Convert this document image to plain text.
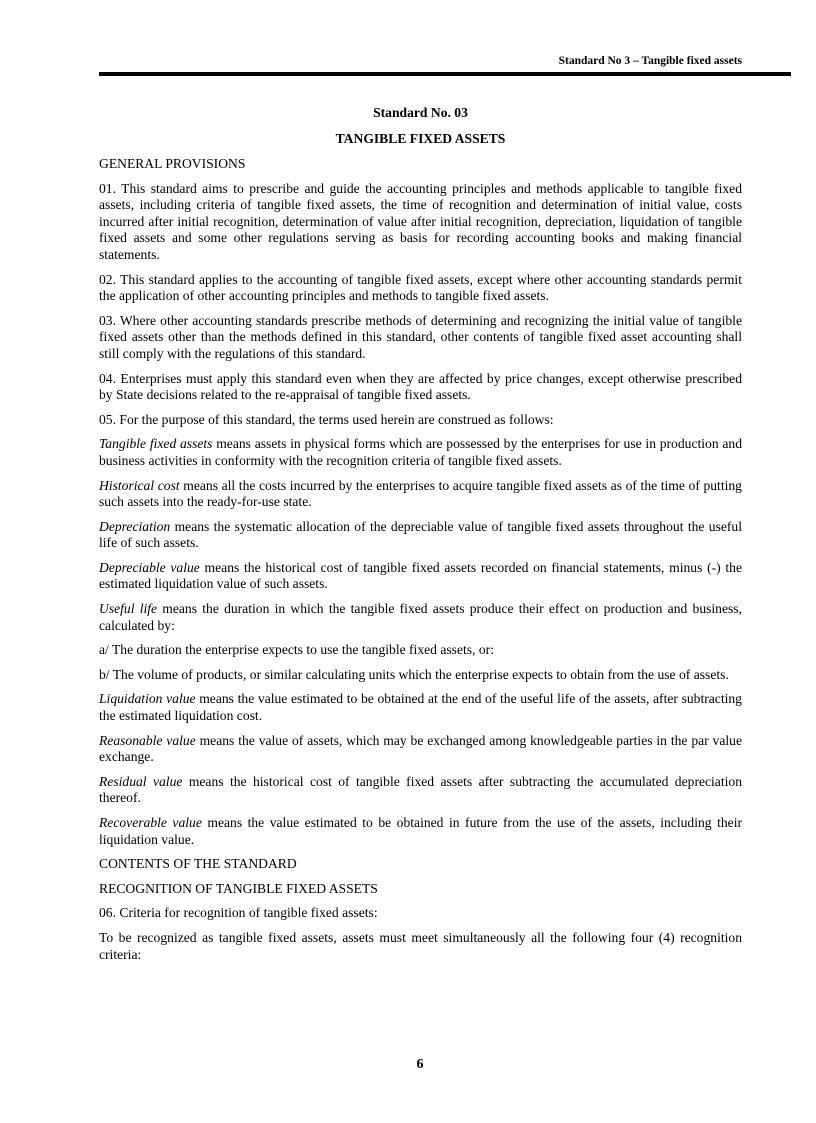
Standard No 3 – Tangible fixed assets
Standard No. 03
TANGIBLE FIXED ASSETS
GENERAL PROVISIONS
01. This standard aims to prescribe and guide the accounting principles and methods applicable to tangible fixed assets, including criteria of tangible fixed assets, the time of recognition and determination of initial value, costs incurred after initial recognition, determination of value after initial recognition, depreciation, liquidation of tangible fixed assets and some other regulations serving as basis for recording accounting books and making financial statements.
02. This standard applies to the accounting of tangible fixed assets, except where other accounting standards permit the application of other accounting principles and methods to tangible fixed assets.
03. Where other accounting standards prescribe methods of determining and recognizing the initial value of tangible fixed assets other than the methods defined in this standard, other contents of tangible fixed asset accounting shall still comply with the regulations of this standard.
04. Enterprises must apply this standard even when they are affected by price changes, except otherwise prescribed by State decisions related to the re-appraisal of tangible fixed assets.
05. For the purpose of this standard, the terms used herein are construed as follows:
Tangible fixed assets means assets in physical forms which are possessed by the enterprises for use in production and business activities in conformity with the recognition criteria of tangible fixed assets.
Historical cost means all the costs incurred by the enterprises to acquire tangible fixed assets as of the time of putting such assets into the ready-for-use state.
Depreciation means the systematic allocation of the depreciable value of tangible fixed assets throughout the useful life of such assets.
Depreciable value means the historical cost of tangible fixed assets recorded on financial statements, minus (-) the estimated liquidation value of such assets.
Useful life means the duration in which the tangible fixed assets produce their effect on production and business, calculated by:
a/ The duration the enterprise expects to use the tangible fixed assets, or:
b/ The volume of products, or similar calculating units which the enterprise expects to obtain from the use of assets.
Liquidation value means the value estimated to be obtained at the end of the useful life of the assets, after subtracting the estimated liquidation cost.
Reasonable value means the value of assets, which may be exchanged among knowledgeable parties in the par value exchange.
Residual value means the historical cost of tangible fixed assets after subtracting the accumulated depreciation thereof.
Recoverable value means the value estimated to be obtained in future from the use of the assets, including their liquidation value.
CONTENTS OF THE STANDARD
RECOGNITION OF TANGIBLE FIXED ASSETS
06. Criteria for recognition of tangible fixed assets:
To be recognized as tangible fixed assets, assets must meet simultaneously all the following four (4) recognition criteria:
6
